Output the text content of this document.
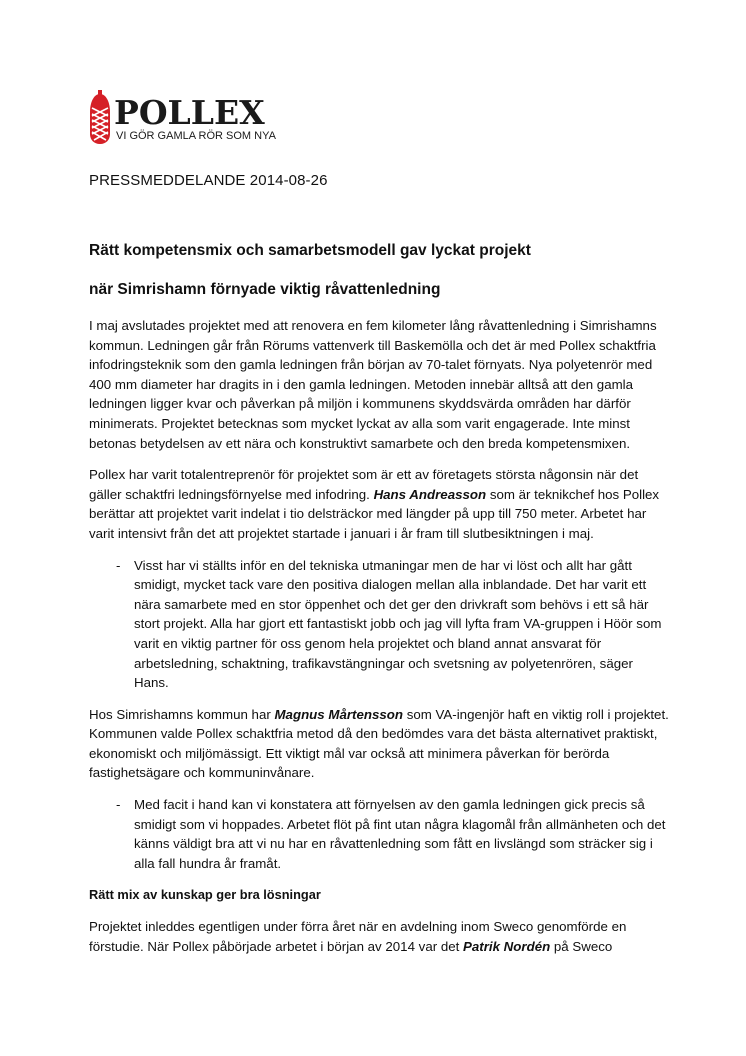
POLLEX
VI GÖR GAMLA RÖR SOM NYA
PRESSMEDDELANDE 2014-08-26
Rätt kompetensmix och samarbetsmodell gav lyckat projekt
när Simrishamn förnyade viktig råvattenledning

I maj avslutades projektet med att renovera en fem kilometer lång råvattenledning i Simrishamns kommun. Ledningen går från Rörums vattenverk till Baskemölla och det är med Pollex schaktfria infodringsteknik som den gamla ledningen från början av 70-talet förnyats. Nya polyetenrör med 400 mm diameter har dragits in i den gamla ledningen. Metoden innebär alltså att den gamla ledningen ligger kvar och påverkan på miljön i kommunens skyddsvärda områden har därför minimerats. Projektet betecknas som mycket lyckat av alla som varit engagerade. Inte minst betonas betydelsen av ett nära och konstruktivt samarbete och den breda kompetensmixen.

Pollex har varit totalentreprenör för projektet som är ett av företagets största någonsin när det gäller schaktfri ledningsförnyelse med infodring. Hans Andreasson som är teknikchef hos Pollex berättar att projektet varit indelat i tio delsträckor med längder på upp till 750 meter. Arbetet har varit intensivt från det att projektet startade i januari i år fram till slutbesiktningen i maj.

- Visst har vi ställts inför en del tekniska utmaningar men de har vi löst och allt har gått smidigt, mycket tack vare den positiva dialogen mellan alla inblandade. Det har varit ett nära samarbete med en stor öppenhet och det ger den drivkraft som behövs i ett så här stort projekt. Alla har gjort ett fantastiskt jobb och jag vill lyfta fram VA-gruppen i Höör som varit en viktig partner för oss genom hela projektet och bland annat ansvarat för arbetsledning, schaktning, trafikavstängningar och svetsning av polyetenrören, säger Hans.

Hos Simrishamns kommun har Magnus Mårtensson som VA-ingenjör haft en viktig roll i projektet. Kommunen valde Pollex schaktfria metod då den bedömdes vara det bästa alternativet praktiskt, ekonomiskt och miljömässigt. Ett viktigt mål var också att minimera påverkan för berörda fastighetsägare och kommuninvånare.

- Med facit i hand kan vi konstatera att förnyelsen av den gamla ledningen gick precis så smidigt som vi hoppades. Arbetet flöt på fint utan några klagomål från allmänheten och det känns väldigt bra att vi nu har en råvattenledning som fått en livslängd som sträcker sig i alla fall hundra år framåt.
Rätt mix av kunskap ger bra lösningar

Projektet inleddes egentligen under förra året när en avdelning inom Sweco genomförde en förstudie. När Pollex påbörjade arbetet i början av 2014 var det Patrik Nordén på Sweco
